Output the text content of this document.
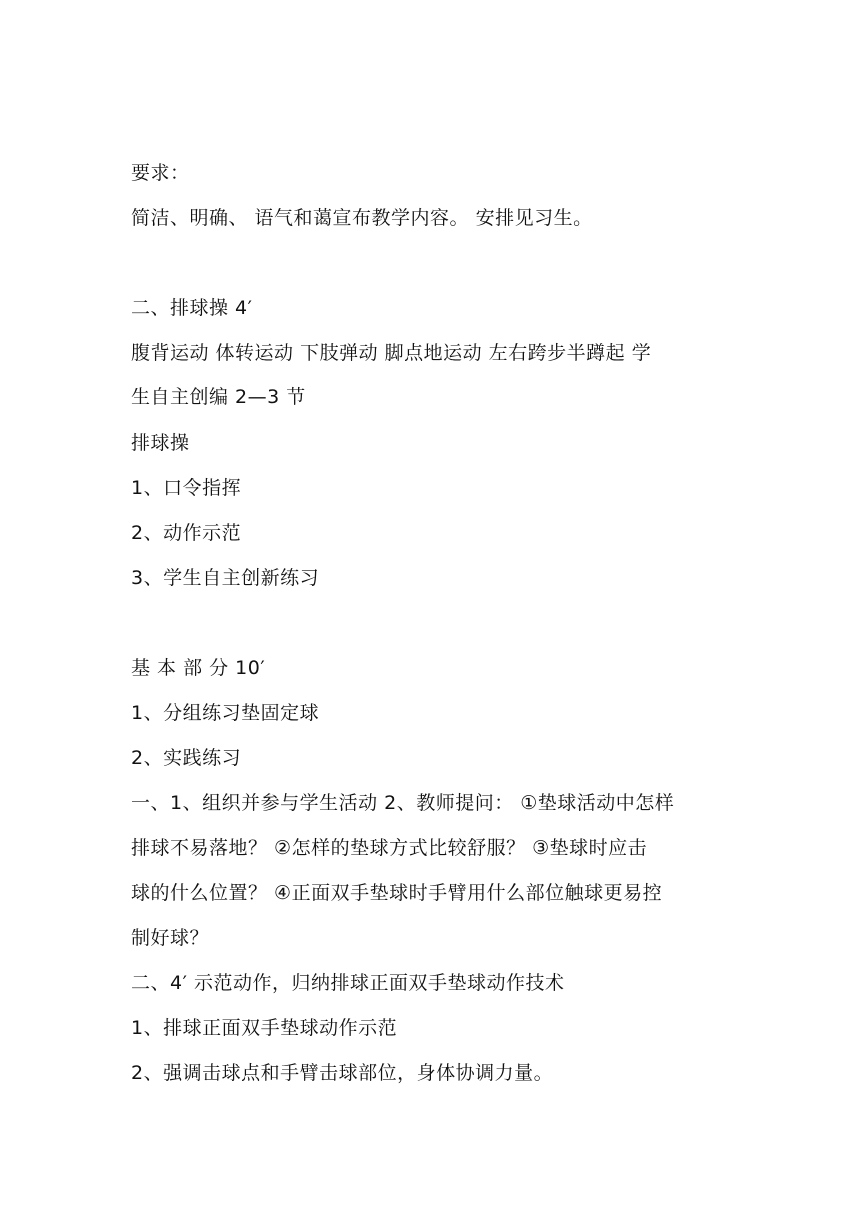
要求：
简洁、明确、 语气和蔼宣布教学内容。 安排见习生。
二、排球操 4′
腹背运动 体转运动 下肢弹动 脚点地运动 左右跨步半蹲起 学
生自主创编 2—3 节
排球操
1、口令指挥
2、动作示范
3、学生自主创新练习
基 本 部 分 10′
1、分组练习垫固定球
2、实践练习
一、1、组织并参与学生活动 2、教师提问： ①垫球活动中怎样
排球不易落地？ ②怎样的垫球方式比较舒服？ ③垫球时应击
球的什么位置？ ④正面双手垫球时手臂用什么部位触球更易控
制好球？
二、4′ 示范动作，归纳排球正面双手垫球动作技术
1、排球正面双手垫球动作示范
2、强调击球点和手臂击球部位，身体协调力量。
